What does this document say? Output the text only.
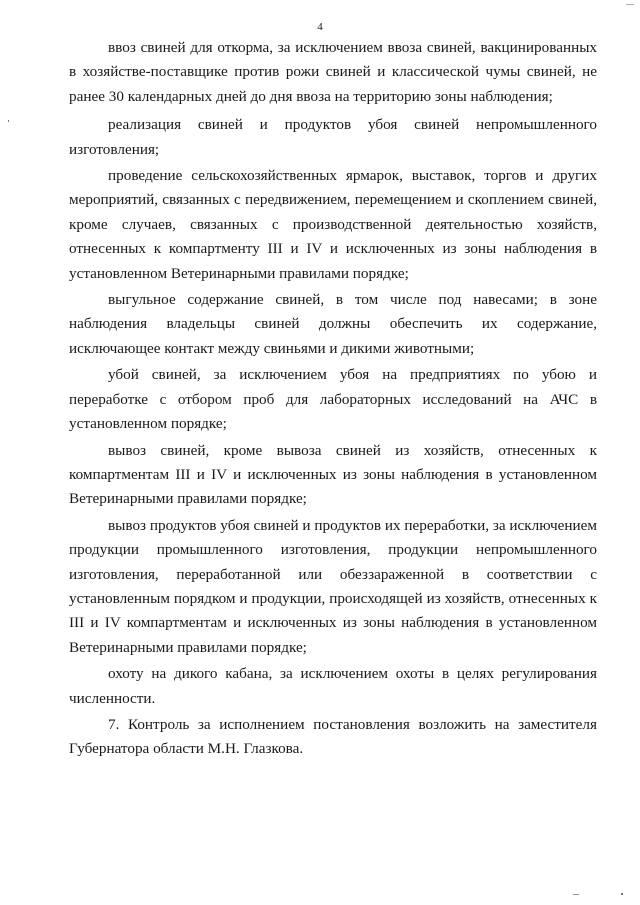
4

ввоз свиней для откорма, за исключением ввоза свиней, вакцинированных в хозяйстве-поставщике против рожи свиней и классической чумы свиней, не ранее 30 календарных дней до дня ввоза на территорию зоны наблюдения;

реализация свиней и продуктов убоя свиней непромышленного изготовления;

проведение сельскохозяйственных ярмарок, выставок, торгов и других мероприятий, связанных с передвижением, перемещением и скоплением свиней, кроме случаев, связанных с производственной деятельностью хозяйств, отнесенных к компартменту III и IV и исключенных из зоны наблюдения в установленном Ветеринарными правилами порядке;

выгульное содержание свиней, в том числе под навесами; в зоне наблюдения владельцы свиней должны обеспечить их содержание, исключающее контакт между свиньями и дикими животными;

убой свиней, за исключением убоя на предприятиях по убою и переработке с отбором проб для лабораторных исследований на АЧС в установленном порядке;

вывоз свиней, кроме вывоза свиней из хозяйств, отнесенных к компартментам III и IV и исключенных из зоны наблюдения в установленном Ветеринарными правилами порядке;

вывоз продуктов убоя свиней и продуктов их переработки, за исключением продукции промышленного изготовления, продукции непромышленного изготовления, переработанной или обеззараженной в соответствии с установленным порядком и продукции, происходящей из хозяйств, отнесенных к III и IV компартментам и исключенных из зоны наблюдения в установленном Ветеринарными правилами порядке;

охоту на дикого кабана, за исключением охоты в целях регулирования численности.

7. Контроль за исполнением постановления возложить на заместителя Губернатора области М.Н. Глазкова.
